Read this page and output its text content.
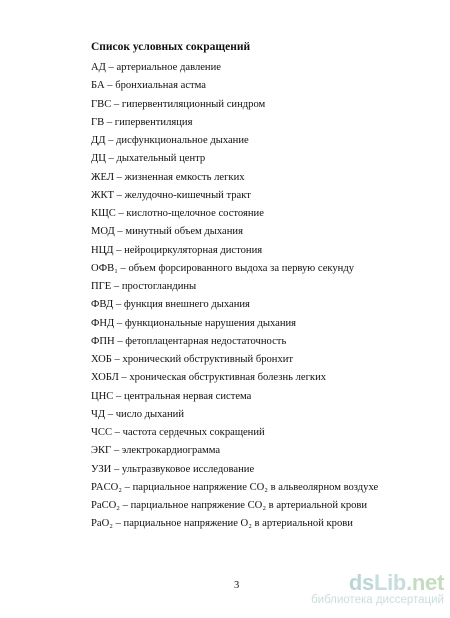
Список условных сокращений
АД – артериальное давление
БА – бронхиальная астма
ГВС – гипервентиляционный синдром
ГВ – гипервентиляция
ДД – дисфункциональное дыхание
ДЦ – дыхательный центр
ЖЕЛ – жизненная емкость легких
ЖКТ – желудочно-кишечный тракт
КЩС – кислотно-щелочное состояние
МОД – минутный объем дыхания
НЦД – нейроциркуляторная дистония
ОФВ₁ – объем форсированного выдоха за первую секунду
ПГЕ – простогландины
ФВД – функция внешнего дыхания
ФНД – функциональные нарушения дыхания
ФПН – фетоплацентарная недостаточность
ХОБ – хронический обструктивный бронхит
ХОБЛ – хроническая обструктивная болезнь легких
ЦНС – центральная нервая система
ЧД – число дыханий
ЧСС – частота сердечных сокращений
ЭКГ – электрокардиограмма
УЗИ – ультразвуковое исследование
PACO₂ – парциальное напряжение CO₂ в альвеолярном воздухе
PaCO₂ – парциальное напряжение CO₂ в артериальной крови
PaO₂ – парциальное напряжение O₂ в артериальной крови
3	dsLib.net
библиотека диссертаций
